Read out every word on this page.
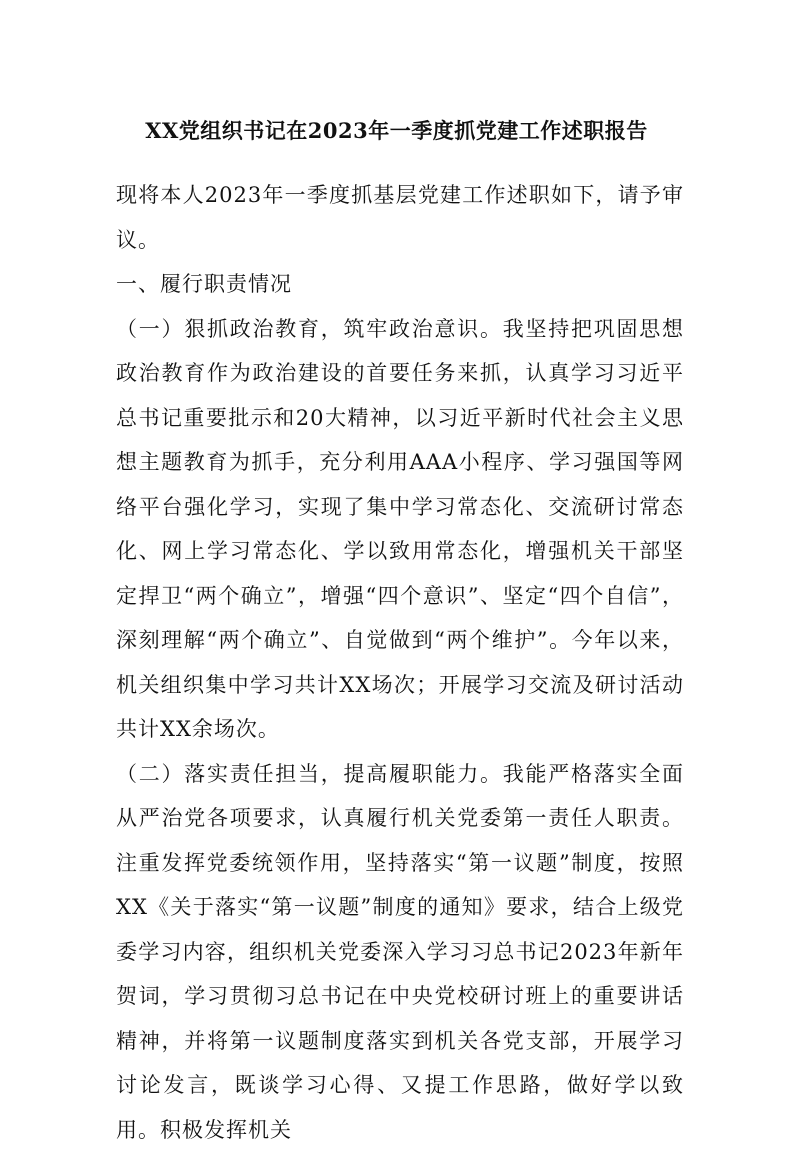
XX党组织书记在2023年一季度抓党建工作述职报告

现将本人2023年一季度抓基层党建工作述职如下，请予审议。

一、履行职责情况

（一）狠抓政治教育，筑牢政治意识。我坚持把巩固思想政治教育作为政治建设的首要任务来抓，认真学习习近平总书记重要批示和20大精神，以习近平新时代社会主义思想主题教育为抓手，充分利用AAA小程序、学习强国等网络平台强化学习，实现了集中学习常态化、交流研讨常态化、网上学习常态化、学以致用常态化，增强机关干部坚定捍卫“两个确立”，增强“四个意识”、坚定“四个自信”，深刻理解“两个确立”、自觉做到“两个维护”。今年以来，机关组织集中学习共计XX场次；开展学习交流及研讨活动共计XX余场次。

（二）落实责任担当，提高履职能力。我能严格落实全面从严治党各项要求，认真履行机关党委第一责任人职责。注重发挥党委统领作用，坚持落实“第一议题”制度，按照XX《关于落实“第一议题”制度的通知》要求，结合上级党委学习内容，组织机关党委深入学习习总书记2023年新年贺词，学习贯彻习总书记在中央党校研讨班上的重要讲话精神，并将第一议题制度落实到机关各党支部，开展学习讨论发言，既谈学习心得、又提工作思路，做好学以致用。积极发挥机关
